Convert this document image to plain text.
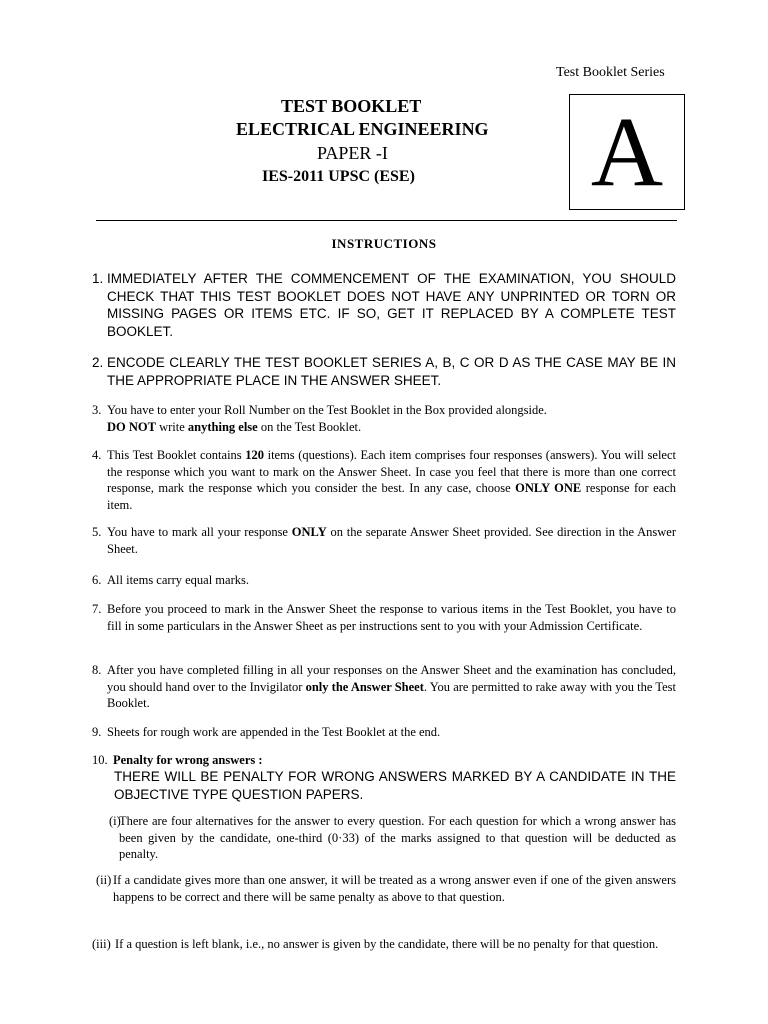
Test Booklet Series
TEST BOOKLET
ELECTRICAL ENGINEERING
PAPER -I
IES-2011 UPSC (ESE) A
INSTRUCTIONS
1. IMMEDIATELY AFTER THE COMMENCEMENT OF THE EXAMINATION, YOU SHOULD CHECK THAT THIS TEST BOOKLET DOES NOT HAVE ANY UNPRINTED OR TORN OR MISSING PAGES OR ITEMS ETC. IF SO, GET IT REPLACED BY A COMPLETE TEST BOOKLET.
2. ENCODE CLEARLY THE TEST BOOKLET SERIES A, B, C OR D AS THE CASE MAY BE IN THE APPROPRIATE PLACE IN THE ANSWER SHEET.
3. You have to enter your Roll Number on the Test Booklet in the Box provided alongside.
DO NOT write anything else on the Test Booklet.
4. This Test Booklet contains 120 items (questions). Each item comprises four responses (answers). You will select the response which you want to mark on the Answer Sheet. In case you feel that there is more than one correct response, mark the response which you consider the best. In any case, choose ONLY ONE response for each item.
5. You have to mark all your response ONLY on the separate Answer Sheet provided. See direction in the Answer Sheet.
6. All items carry equal marks.
7. Before you proceed to mark in the Answer Sheet the response to various items in the Test Booklet, you have to fill in some particulars in the Answer Sheet as per instructions sent to you with your Admission Certificate.
8. After you have completed filling in all your responses on the Answer Sheet and the examination has concluded, you should hand over to the Invigilator only the Answer Sheet. You are permitted to rake away with you the Test Booklet.
9. Sheets for rough work are appended in the Test Booklet at the end.
10. Penalty for wrong answers :
THERE WILL BE PENALTY FOR WRONG ANSWERS MARKED BY A CANDIDATE IN THE OBJECTIVE TYPE QUESTION PAPERS.
(i)
There are four alternatives for the answer to every question. For each question for which a wrong answer has been given by the candidate, one-third (0·33) of the marks assigned to that question will be deducted as penalty.
(ii) If a candidate gives more than one answer, it will be treated as a wrong answer even if one of the given answers happens to be correct and there will be same penalty as above to that question.
(iii) If a question is left blank, i.e., no answer is given by the candidate, there will be no penalty for that question.
